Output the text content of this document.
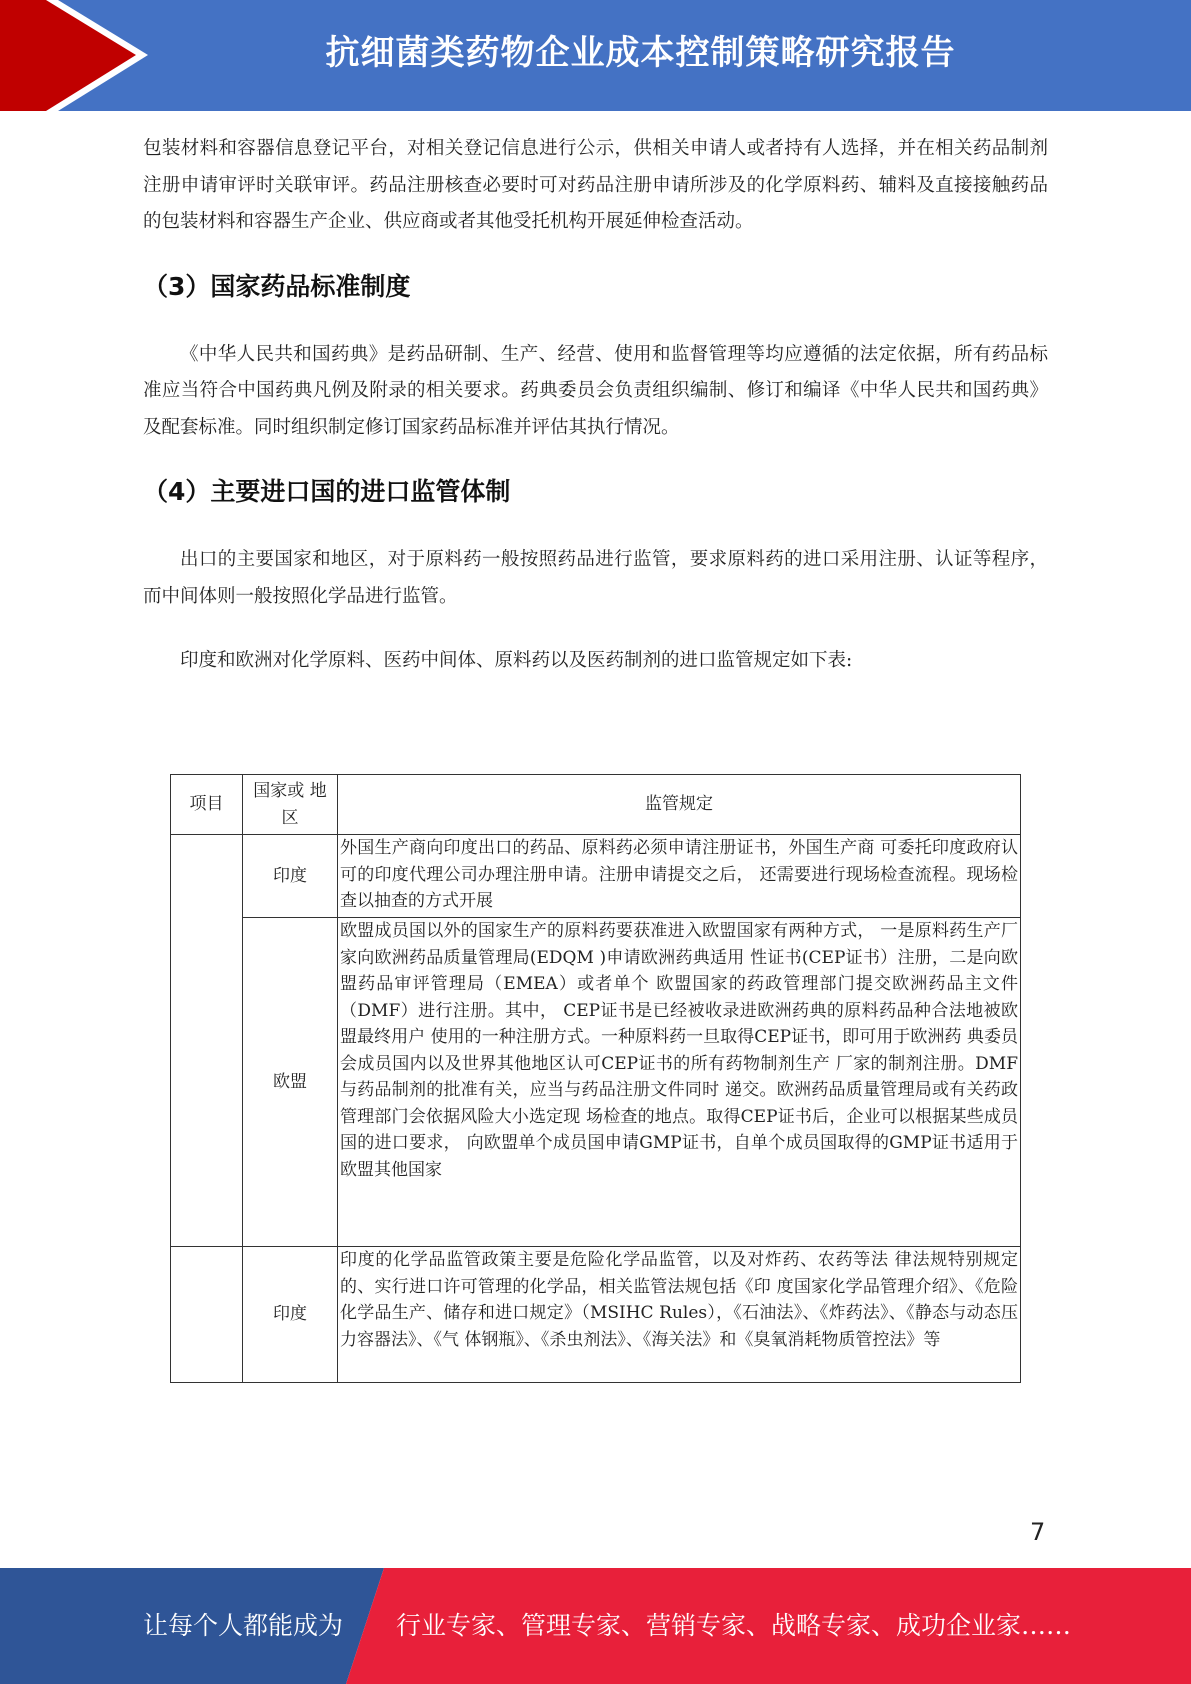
抗细菌类药物企业成本控制策略研究报告

包装材料和容器信息登记平台，对相关登记信息进行公示，供相关申请人或者持有人选择，并在相关药品制剂注册申请审评时关联审评。药品注册核查必要时可对药品注册申请所涉及的化学原料药、辅料及直接接触药品的包装材料和容器生产企业、供应商或者其他受托机构开展延伸检查活动。

（3）国家药品标准制度

《中华人民共和国药典》是药品研制、生产、经营、使用和监督管理等均应遵循的法定依据，所有药品标准应当符合中国药典凡例及附录的相关要求。药典委员会负责组织编制、修订和编译《中华人民共和国药典》及配套标准。同时组织制定修订国家药品标准并评估其执行情况。

（4）主要进口国的进口监管体制

出口的主要国家和地区，对于原料药一般按照药品进行监管，要求原料药的进口采用注册、认证等程序，而中间体则一般按照化学品进行监管。

印度和欧洲对化学原料、医药中间体、原料药以及医药制剂的进口监管规定如下表:

项目	国家或 地区	监管规定
	印度	外国生产商向印度出口的药品、原料药必须申请注册证书，外国生产商 可委托印度政府认可的印度代理公司办理注册申请。注册申请提交之后， 还需要进行现场检查流程。现场检查以抽查的方式开展
	欧盟	欧盟成员国以外的国家生产的原料药要获准进入欧盟国家有两种方式， 一是原料药生产厂家向欧洲药品质量管理局(EDQM )申请欧洲药典适用 性证书(CEP证书）注册，二是向欧盟药品审评管理局（EMEA）或者单个 欧盟国家的药政管理部门提交欧洲药品主文件（DMF）进行注册。其中， CEP证书是已经被收录进欧洲药典的原料药品种合法地被欧盟最终用户 使用的一种注册方式。一种原料药一旦取得CEP证书，即可用于欧洲药 典委员会成员国内以及世界其他地区认可CEP证书的所有药物制剂生产 厂家的制剂注册。DMF与药品制剂的批准有关，应当与药品注册文件同时 递交。欧洲药品质量管理局或有关药政管理部门会依据风险大小选定现 场检查的地点。取得CEP证书后，企业可以根据某些成员国的进口要求， 向欧盟单个成员国申请GMP证书，自单个成员国取得的GMP证书适用于 欧盟其他国家
	印度	印度的化学品监管政策主要是危险化学品监管，以及对炸药、农药等法 律法规特别规定的、实行进口许可管理的化学品，相关监管法规包括《印 度国家化学品管理介绍》、《危险化学品生产、储存和进口规定》（MSIHC Rules），《石油法》、《炸药法》、《静态与动态压力容器法》、《气 体钢瓶》、《杀虫剂法》、《海关法》和《臭氧消耗物质管控法》等
7
让每个人都能成为 行业专家、管理专家、营销专家、战略专家、成功企业家……
